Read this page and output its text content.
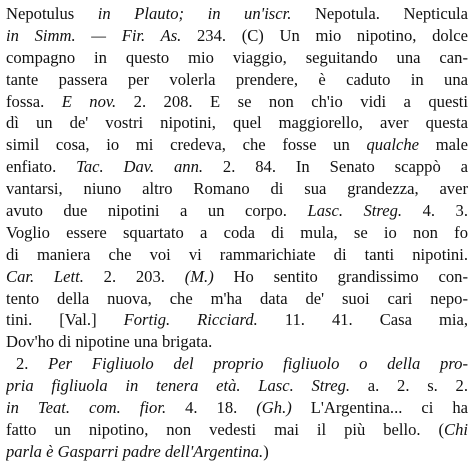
Nepotulus in Plauto; in un'iscr. Nepotula. Nepticula
in Simm. — Fir. As. 234. (C) Un mio nipotino, dolce
compagno in questo mio viaggio, seguitando una can-
tante passera per volerla prendere, è caduto in una
fossa. E nov. 2. 208. E se non ch'io vidi a questi
dì un de' vostri nipotini, quel maggiorello, aver questa
simil cosa, io mi credeva, che fosse un qualche male
enfiato. Tac. Dav. ann. 2. 84. In Senato scappò a
vantarsi, niuno altro Romano di sua grandezza, aver
avuto due nipotini a un corpo. Lasc. Streg. 4. 3.
Voglio essere squartato a coda di mula, se io non fo
di maniera che voi vi rammarichiate di tanti nipotini.
Car. Lett. 2. 203. (M.) Ho sentito grandissimo con-
tento della nuova, che m'ha data de' suoi cari nepo-
tini. [Val.] Fortig. Ricciard. 11. 41. Casa mia,
Dov'ho di nipotine una brigata.
2. Per Figliuolo del proprio figliuolo o della pro-
pria figliuola in tenera età. Lasc. Streg. a. 2. s. 2.
in Teat. com. fior. 4. 18. (Gh.) L'Argentina... ci ha
fatto un nipotino, non vedesti mai il più bello. (Chi
parla è Gasparri padre dell'Argentina.)
